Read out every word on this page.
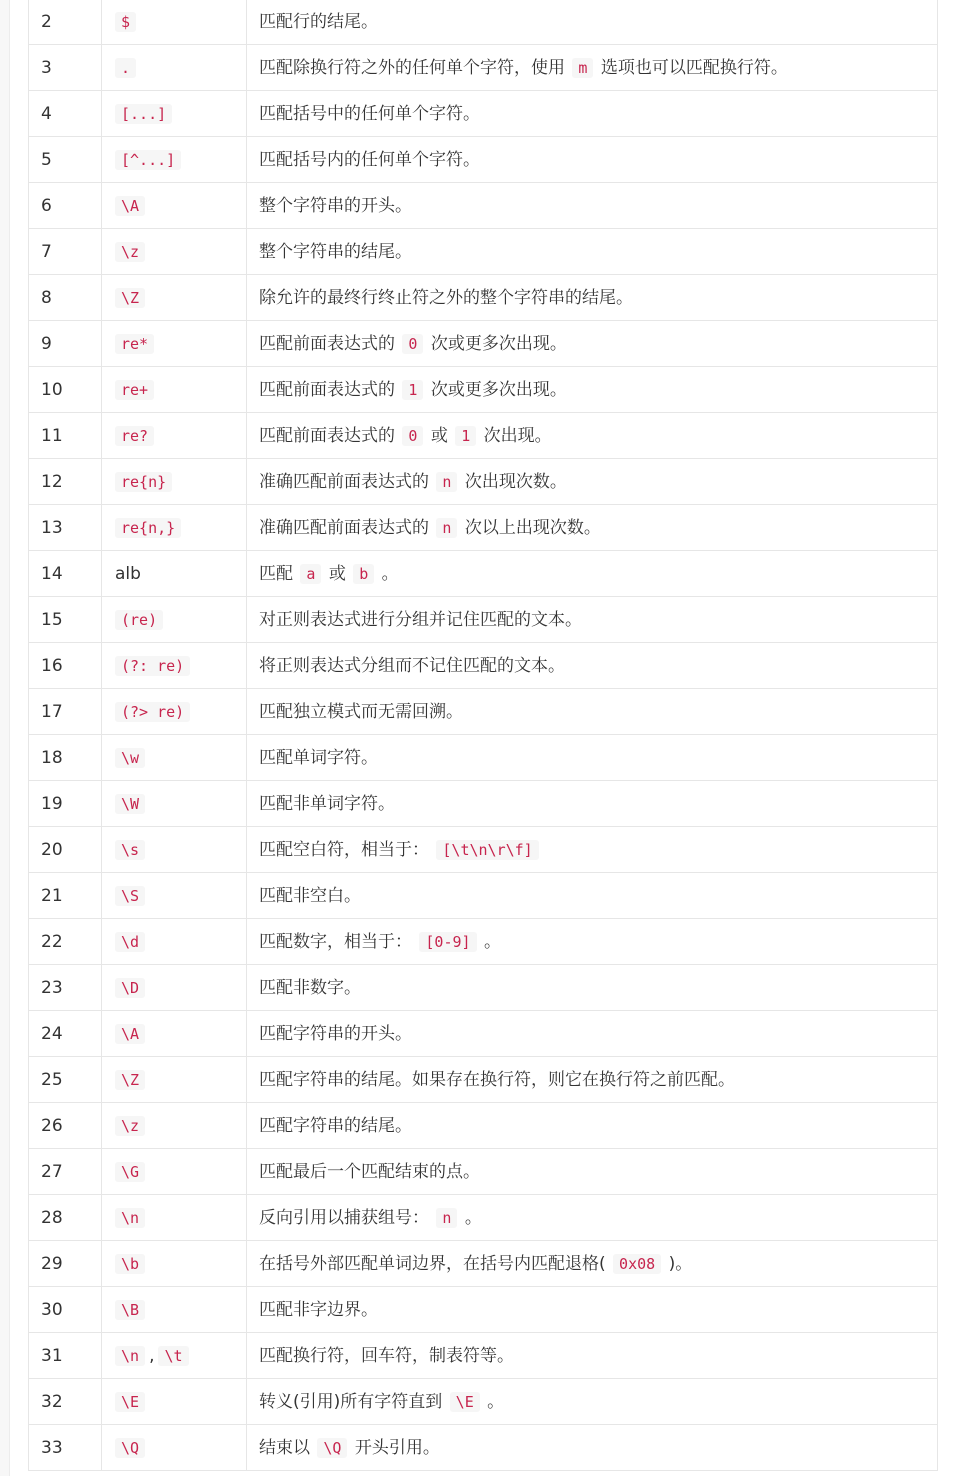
2	$	匹配行的结尾。
3	.	匹配除换行符之外的任何单个字符，使用 m 选项也可以匹配换行符。
4	[...]	匹配括号中的任何单个字符。
5	[^...]	匹配括号内的任何单个字符。
6	\A	整个字符串的开头。
7	\z	整个字符串的结尾。
8	\Z	除允许的最终行终止符之外的整个字符串的结尾。
9	re*	匹配前面表达式的 0 次或更多次出现。
10	re+	匹配前面表达式的 1 次或更多次出现。
11	re?	匹配前面表达式的 0 或 1 次出现。
12	re{n}	准确匹配前面表达式的 n 次出现次数。
13	re{n,}	准确匹配前面表达式的 n 次以上出现次数。
14	alb	匹配 a 或 b 。
15	(re)	对正则表达式进行分组并记住匹配的文本。
16	(?: re)	将正则表达式分组而不记住匹配的文本。
17	(?> re)	匹配独立模式而无需回溯。
18	\w	匹配单词字符。
19	\W	匹配非单词字符。
20	\s	匹配空白符，相当于： [\t\n\r\f]
21	\S	匹配非空白。
22	\d	匹配数字，相当于： [0-9] 。
23	\D	匹配非数字。
24	\A	匹配字符串的开头。
25	\Z	匹配字符串的结尾。如果存在换行符，则它在换行符之前匹配。
26	\z	匹配字符串的结尾。
27	\G	匹配最后一个匹配结束的点。
28	\n	反向引用以捕获组号： n 。
29	\b	在括号外部匹配单词边界，在括号内匹配退格( 0x08 )。
30	\B	匹配非字边界。
31	\n , \t	匹配换行符，回车符，制表符等。
32	\E	转义(引用)所有字符直到 \E 。
33	\Q	结束以 \Q 开头引用。
